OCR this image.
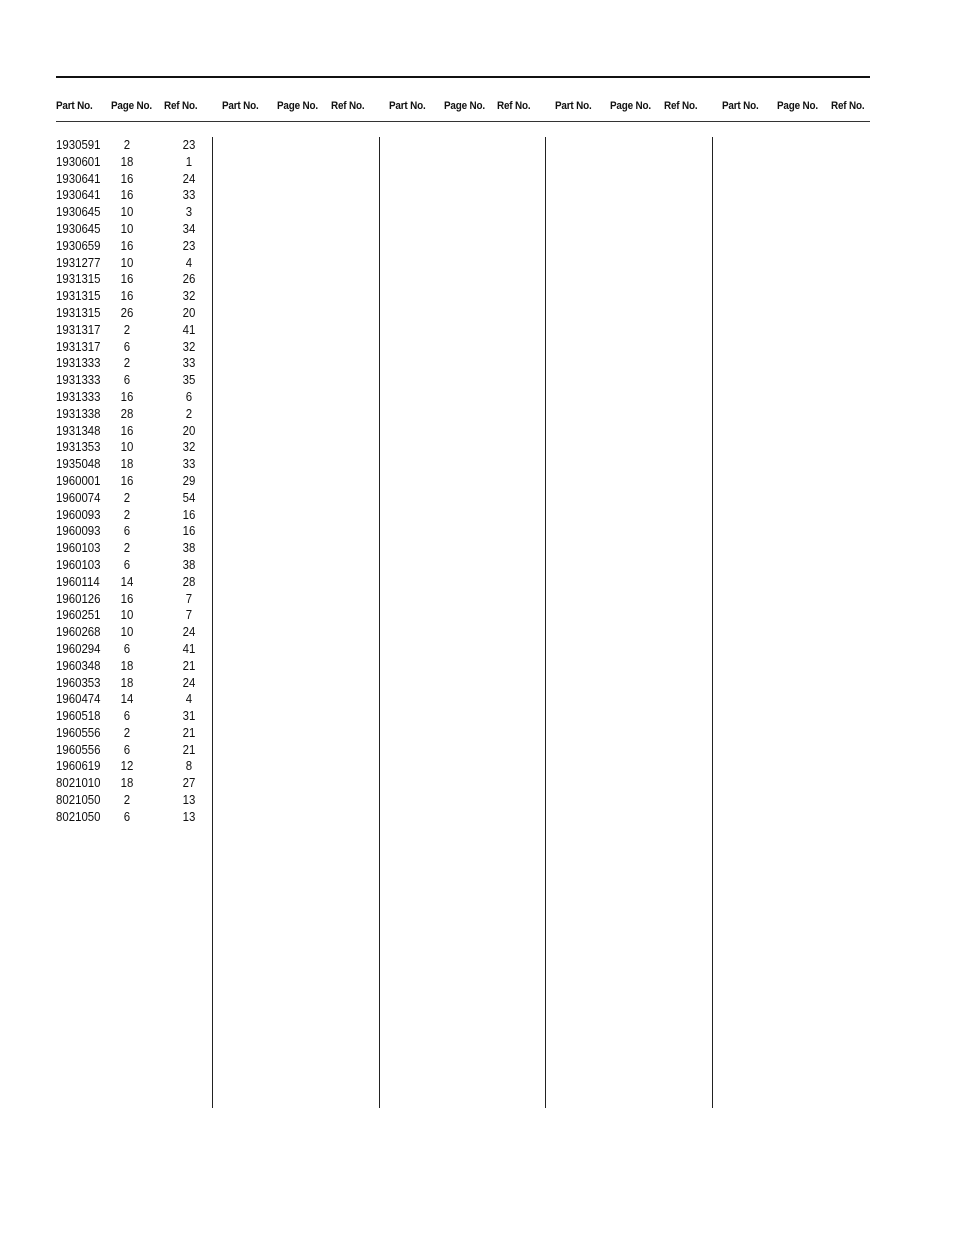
Part No. Page No. Ref No. Part No. Page No. Ref No. Part No. Page No. Ref No. Part No. Page No. Ref No. Part No. Page No. Ref No.
1930591	2	23
1930601 18	1
1930641 16	24
1930641 16	33
1930645 10	3
1930645 10	34
1930659 16	23
1931277 10	4
1931315 16	26
1931315 16	32
1931315 26	20
1931317	2	41
1931317	6	32
1931333	2	33
1931333	6	35
1931333 16	6
1931338 28	2
1931348 16	20
1931353 10	32
1935048 18	33
1960001 16	29
1960074	2	54
1960093	2	16
1960093	6	16
1960103	2	38
1960103	6	38
1960114 14	28
1960126 16	7
1960251 10	7
1960268 10	24
1960294	6	41
1960348 18	21
1960353 18	24
1960474 14	4
1960518	6	31
1960556	2	21
1960556	6	21
1960619 12	8
8021010 18	27
8021050	2	13
8021050	6	13
